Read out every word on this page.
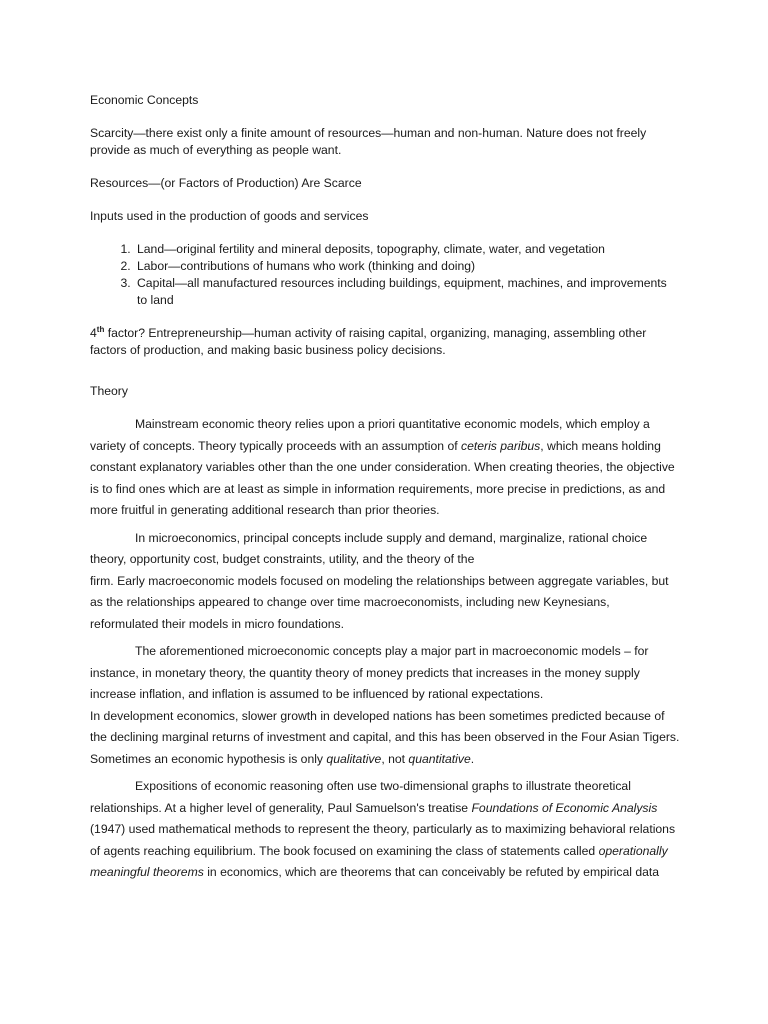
Economic Concepts

Scarcity—there exist only a finite amount of resources—human and non-human. Nature does not freely provide as much of everything as people want.

Resources—(or Factors of Production) Are Scarce

Inputs used in the production of goods and services

1. Land—original fertility and mineral deposits, topography, climate, water, and vegetation
2. Labor—contributions of humans who work (thinking and doing)
3. Capital—all manufactured resources including buildings, equipment, machines, and improvements to land

4th factor? Entrepreneurship—human activity of raising capital, organizing, managing, assembling other factors of production, and making basic business policy decisions.

Theory

Mainstream economic theory relies upon a priori quantitative economic models, which employ a variety of concepts. Theory typically proceeds with an assumption of ceteris paribus, which means holding constant explanatory variables other than the one under consideration. When creating theories, the objective is to find ones which are at least as simple in information requirements, more precise in predictions, as and more fruitful in generating additional research than prior theories.

In microeconomics, principal concepts include supply and demand, marginalize, rational choice theory, opportunity cost, budget constraints, utility, and the theory of the

firm. Early macroeconomic models focused on modeling the relationships between aggregate variables, but as the relationships appeared to change over time macroeconomists, including new Keynesians, reformulated their models in micro foundations.

The aforementioned microeconomic concepts play a major part in macroeconomic models – for instance, in monetary theory, the quantity theory of money predicts that increases in the money supply increase inflation, and inflation is assumed to be influenced by rational expectations.

In development economics, slower growth in developed nations has been sometimes predicted because of the declining marginal returns of investment and capital, and this has been observed in the Four Asian Tigers. Sometimes an economic hypothesis is only qualitative, not quantitative.

Expositions of economic reasoning often use two-dimensional graphs to illustrate theoretical relationships. At a higher level of generality, Paul Samuelson's treatise Foundations of Economic Analysis (1947) used mathematical methods to represent the theory, particularly as to maximizing behavioral relations of agents reaching equilibrium. The book focused on examining the class of statements called operationally meaningful theorems in economics, which are theorems that can conceivably be refuted by empirical data
